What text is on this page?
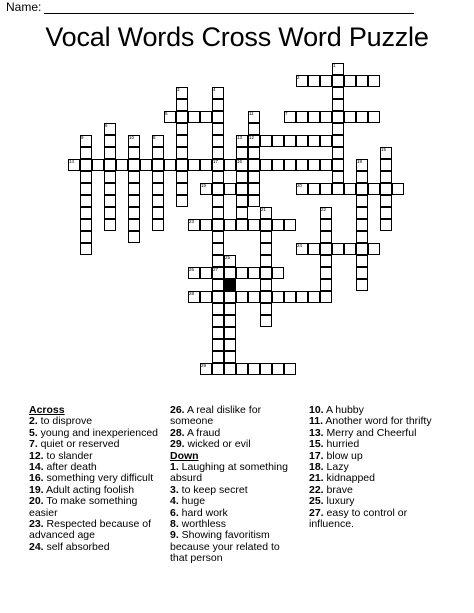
Name:
Vocal Words Cross Word Puzzle
1
2
3	4
5
6
7
8
9	10
11
12
13
14
15
16
17	18
19	20
21	22
23
24
25
26	27
28
29
Across
2. to disprove
5. young and inexperienced
7. quiet or reserved
12. to slander
14. after death
16. something very difficult
19. Adult acting foolish
20. To make something easier
23. Respected because of advanced age
24. self absorbed
26. A real dislike for someone
28. A fraud
29. wicked or evil
Down
1. Laughing at something absurd
3. to keep secret
4. huge
6. hard work
8. worthless
9. Showing favoritism because your related to that person
10. A hubby
11. Another word for thrifty
13. Merry and Cheerful
15. hurried
17. blow up
18. Lazy
21. kidnapped
22. brave
25. luxury
27. easy to control or influence.
